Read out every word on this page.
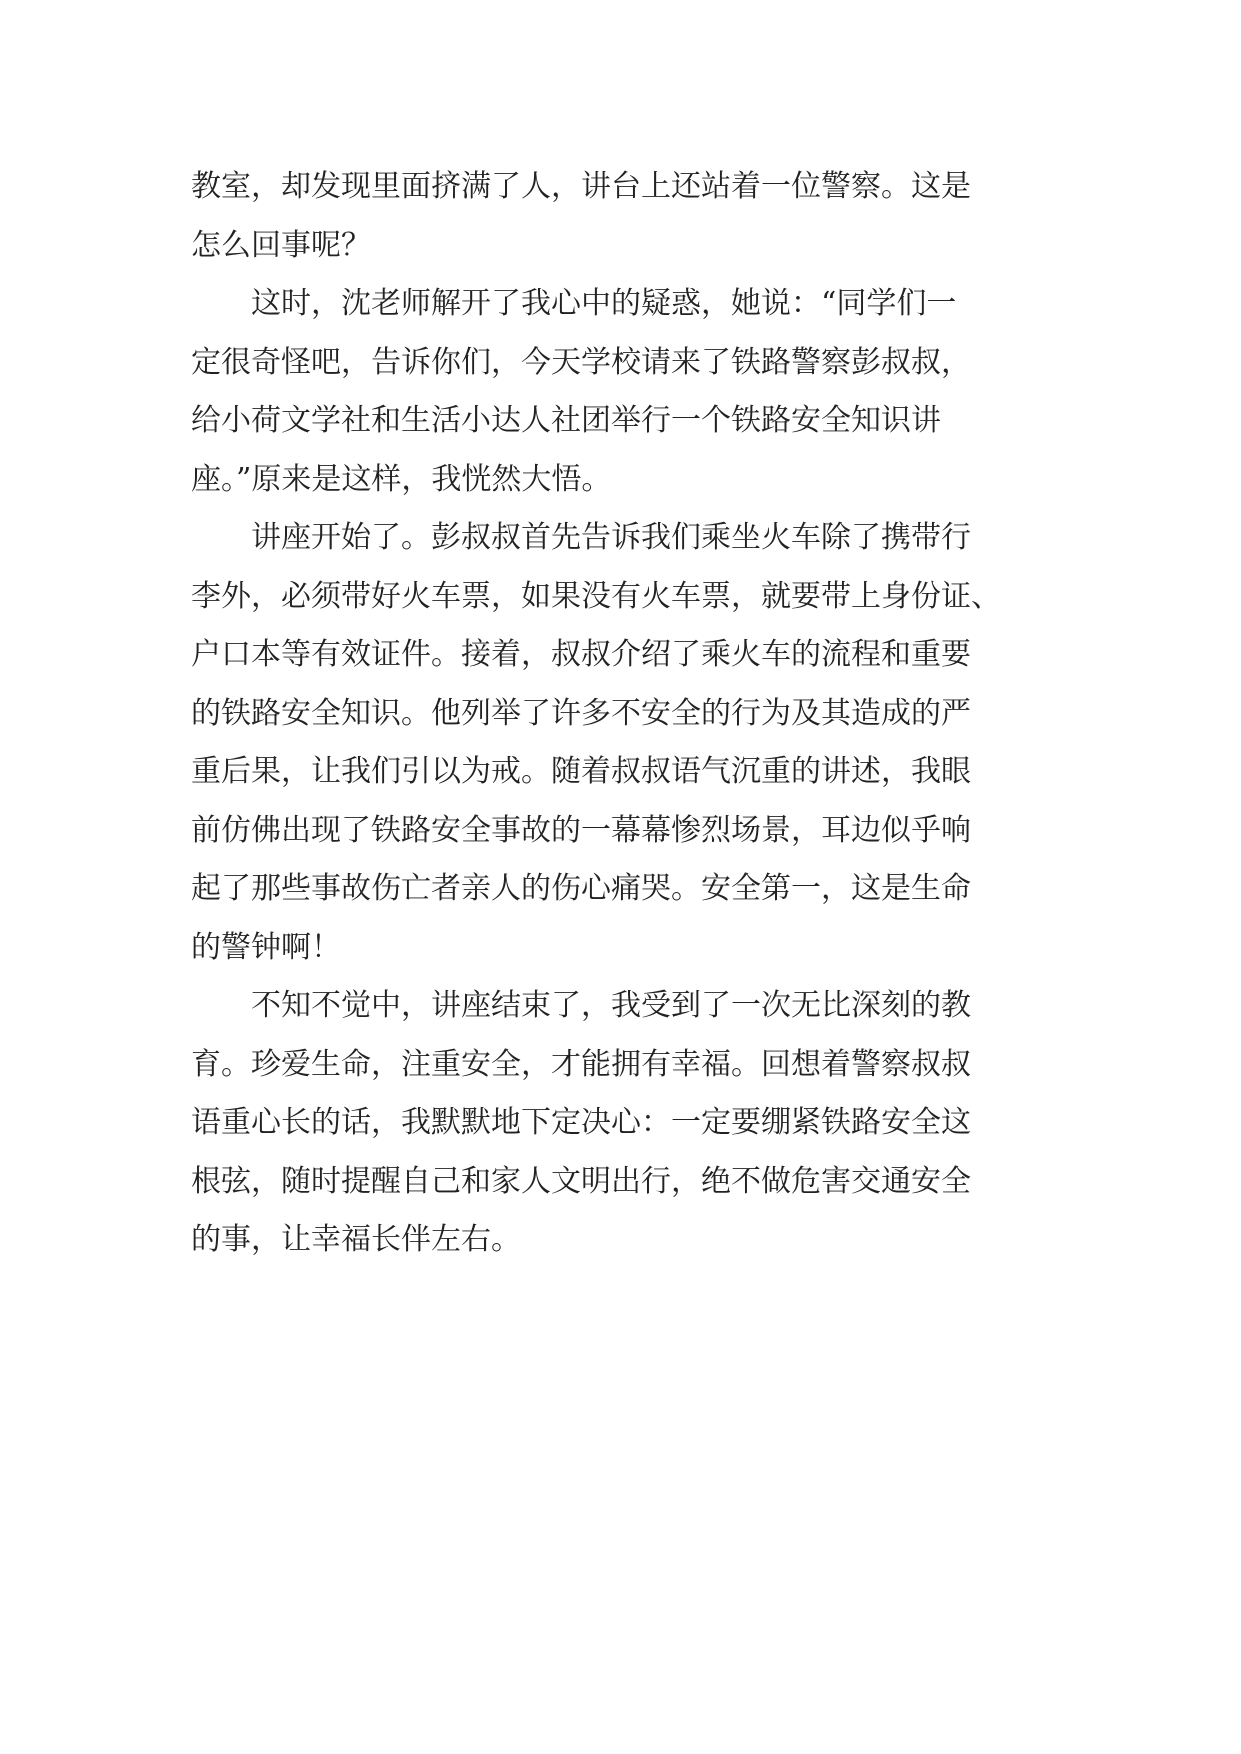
教室，却发现里面挤满了人，讲台上还站着一位警察。这是
怎么回事呢？
　　这时，沈老师解开了我心中的疑惑，她说：“同学们一
定很奇怪吧，告诉你们，今天学校请来了铁路警察彭叔叔，
给小荷文学社和生活小达人社团举行一个铁路安全知识讲
座。”原来是这样，我恍然大悟。
　　讲座开始了。彭叔叔首先告诉我们乘坐火车除了携带行
李外，必须带好火车票，如果没有火车票，就要带上身份证、
户口本等有效证件。接着，叔叔介绍了乘火车的流程和重要
的铁路安全知识。他列举了许多不安全的行为及其造成的严
重后果，让我们引以为戒。随着叔叔语气沉重的讲述，我眼
前仿佛出现了铁路安全事故的一幕幕惨烈场景，耳边似乎响
起了那些事故伤亡者亲人的伤心痛哭。安全第一，这是生命
的警钟啊！
　　不知不觉中，讲座结束了，我受到了一次无比深刻的教
育。珍爱生命，注重安全，才能拥有幸福。回想着警察叔叔
语重心长的话，我默默地下定决心：一定要绷紧铁路安全这
根弦，随时提醒自己和家人文明出行，绝不做危害交通安全
的事，让幸福长伴左右。
